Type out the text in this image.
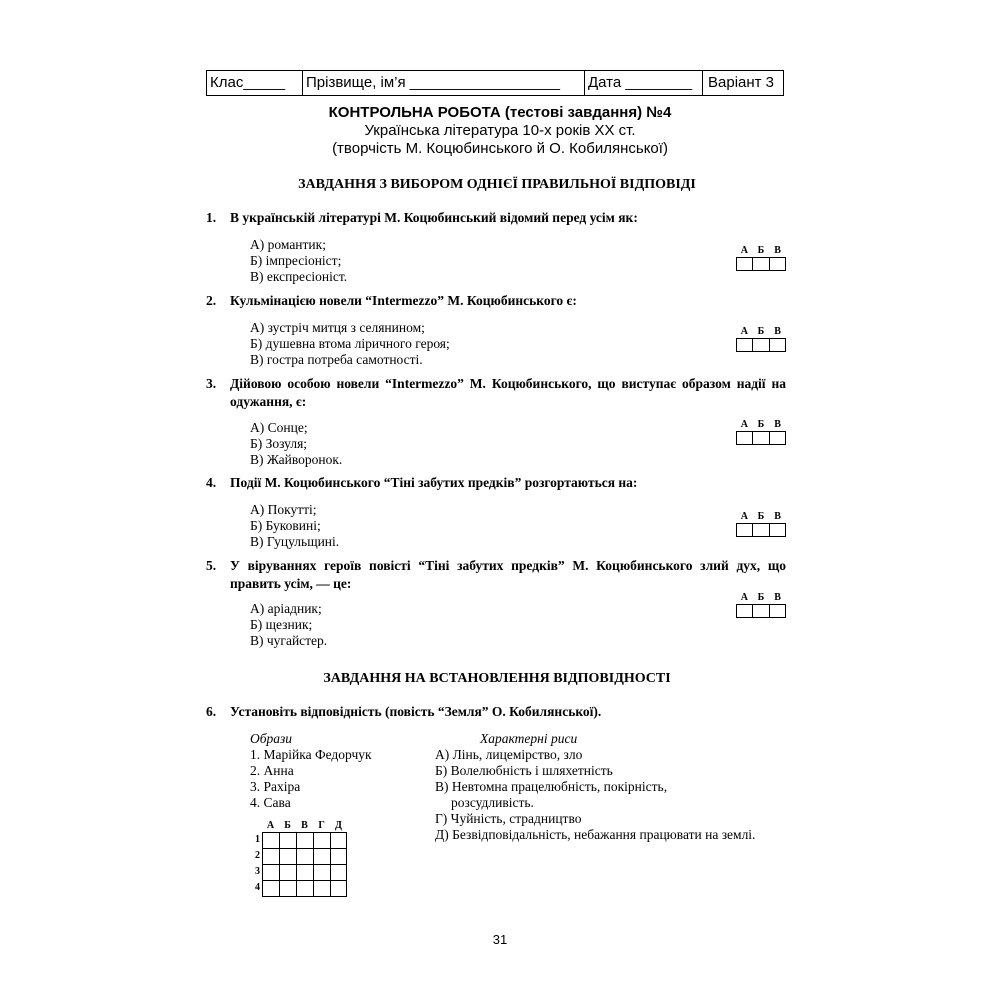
Клас_____	Прізвище, ім’я __________________	Дата ________	Варіант 3
КОНТРОЛЬНА РОБОТА (тестові завдання) №4
Українська література 10-х років XX ст.
(творчість М. Коцюбинського й О. Кобилянської)
ЗАВДАННЯ З ВИБОРОМ ОДНІЄЇ ПРАВИЛЬНОЇ ВІДПОВІДІ
1.	В українській літературі М. Коцюбинський відомий перед усім як:
А) романтик;
Б) імпресіоніст;
В) експресіоніст.
А Б	В
2.	Кульмінацією новели “Intermezzo” М. Коцюбинського є:
А) зустріч митця з селянином;
Б) душевна втома ліричного героя;
В) гостра потреба самотності.
А Б	В
3.	Дійовою особою новели “Intermezzo” М. Коцюбинського, що виступає образом надії на одужання, є:
А) Сонце;
Б) Зозуля;
В) Жайворонок.
А Б	В
4.	Події М. Коцюбинського “Тіні забутих предків” розгортаються на:
А) Покутті;
Б) Буковині;
В) Гуцульщині.
А Б	В
5.	У віруваннях героїв повісті “Тіні забутих предків” М. Коцюбинського злий дух, що править усім, — це:
А) аріадник;
Б) щезник;
В) чугайстер.
А Б	В
ЗАВДАННЯ НА ВСТАНОВЛЕННЯ ВІДПОВІДНОСТІ
6.	Установіть відповідність (повість “Земля” О. Кобилянської).
Образи
1. Марійка Федорчук
2. Анна
3. Рахіра
4. Сава
Характерні риси
А) Лінь, лицемірство, зло
Б) Волелюбність і шляхетність
В) Невтомна працелюбність, покірність, розсудливість.
Г) Чуйність, страдництво
Д) Безвідповідальність, небажання працювати на землі.
А	Б	В	Г	Д
1
2
3
4
31
